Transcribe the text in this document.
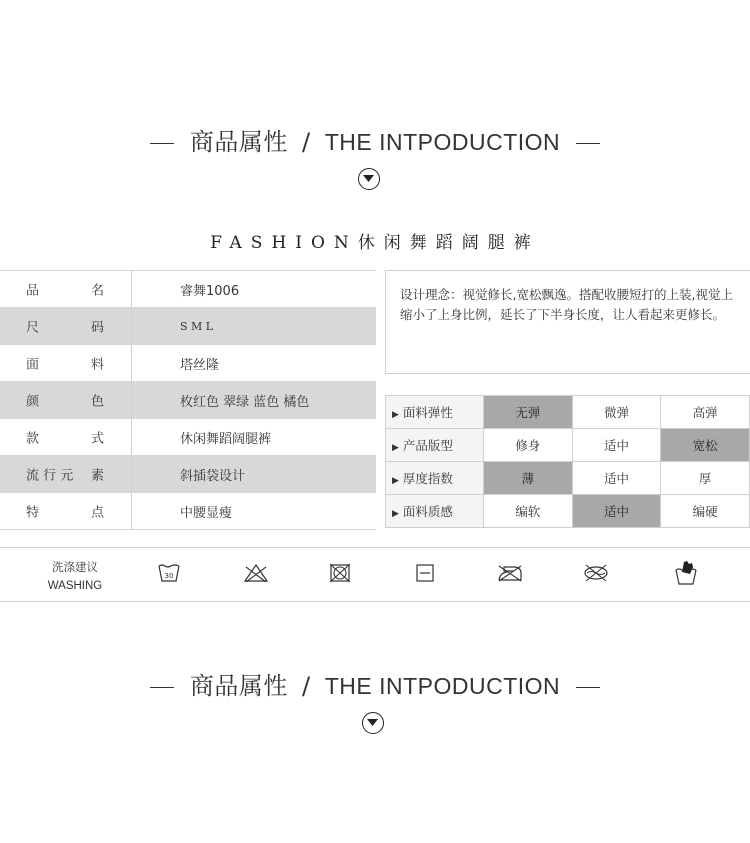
商品属性 / THE INTPODUCTION
FASHION休闲舞蹈阔腿裤
品 名	睿舞1006

尺 码	S M L

面 料	塔丝隆

颜 色	枚红色 翠绿 蓝色 橘色

款 式	休闲舞蹈阔腿裤

流 行 元 素	斜插袋设计

特 点	中腰显瘦
设计理念：视觉修长,宽松飘逸。搭配收腰短打的上装,视觉上缩小了上身比例，延长了下半身长度，让人看起来更修长。
▶ 面料弹性	无弹	微弹	高弹
▶ 产品版型	修身	适中	宽松
▶ 厚度指数	薄	适中	厚
▶ 面料质感	编软	适中	编硬
洗涤建议
WASHING
30
商品属性 / THE INTPODUCTION
